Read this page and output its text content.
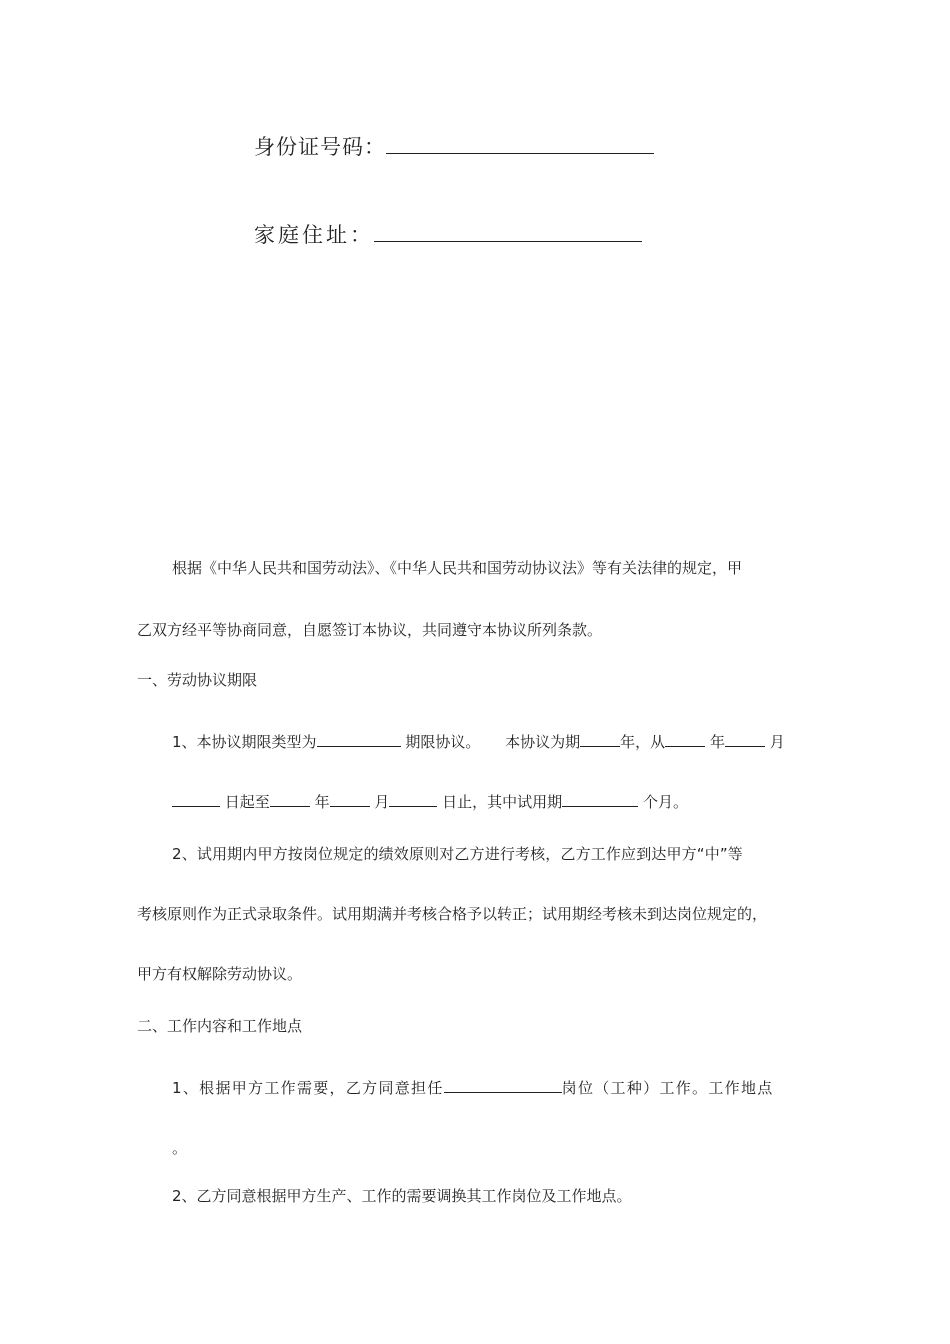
身份证号码：
家庭住址：
根据《中华人民共和国劳动法》、《中华人民共和国劳动协议法》等有关法律的规定，甲
乙双方经平等协商同意，自愿签订本协议，共同遵守本协议所列条款。
一、劳动协议期限
1、本协议期限类型为	期限协议。 本协议为期	年，从	年	月
日起至	年	月	日止，其中试用期	个月。
2、试用期内甲方按岗位规定的绩效原则对乙方进行考核，乙方工作应到达甲方“中”等
考核原则作为正式录取条件。试用期满并考核合格予以转正；试用期经考核未到达岗位规定的，
甲方有权解除劳动协议。
二、工作内容和工作地点
1、根据甲方工作需要，乙方同意担任	岗位（工种）工作。工作地点
。
2、乙方同意根据甲方生产、工作的需要调换其工作岗位及工作地点。
